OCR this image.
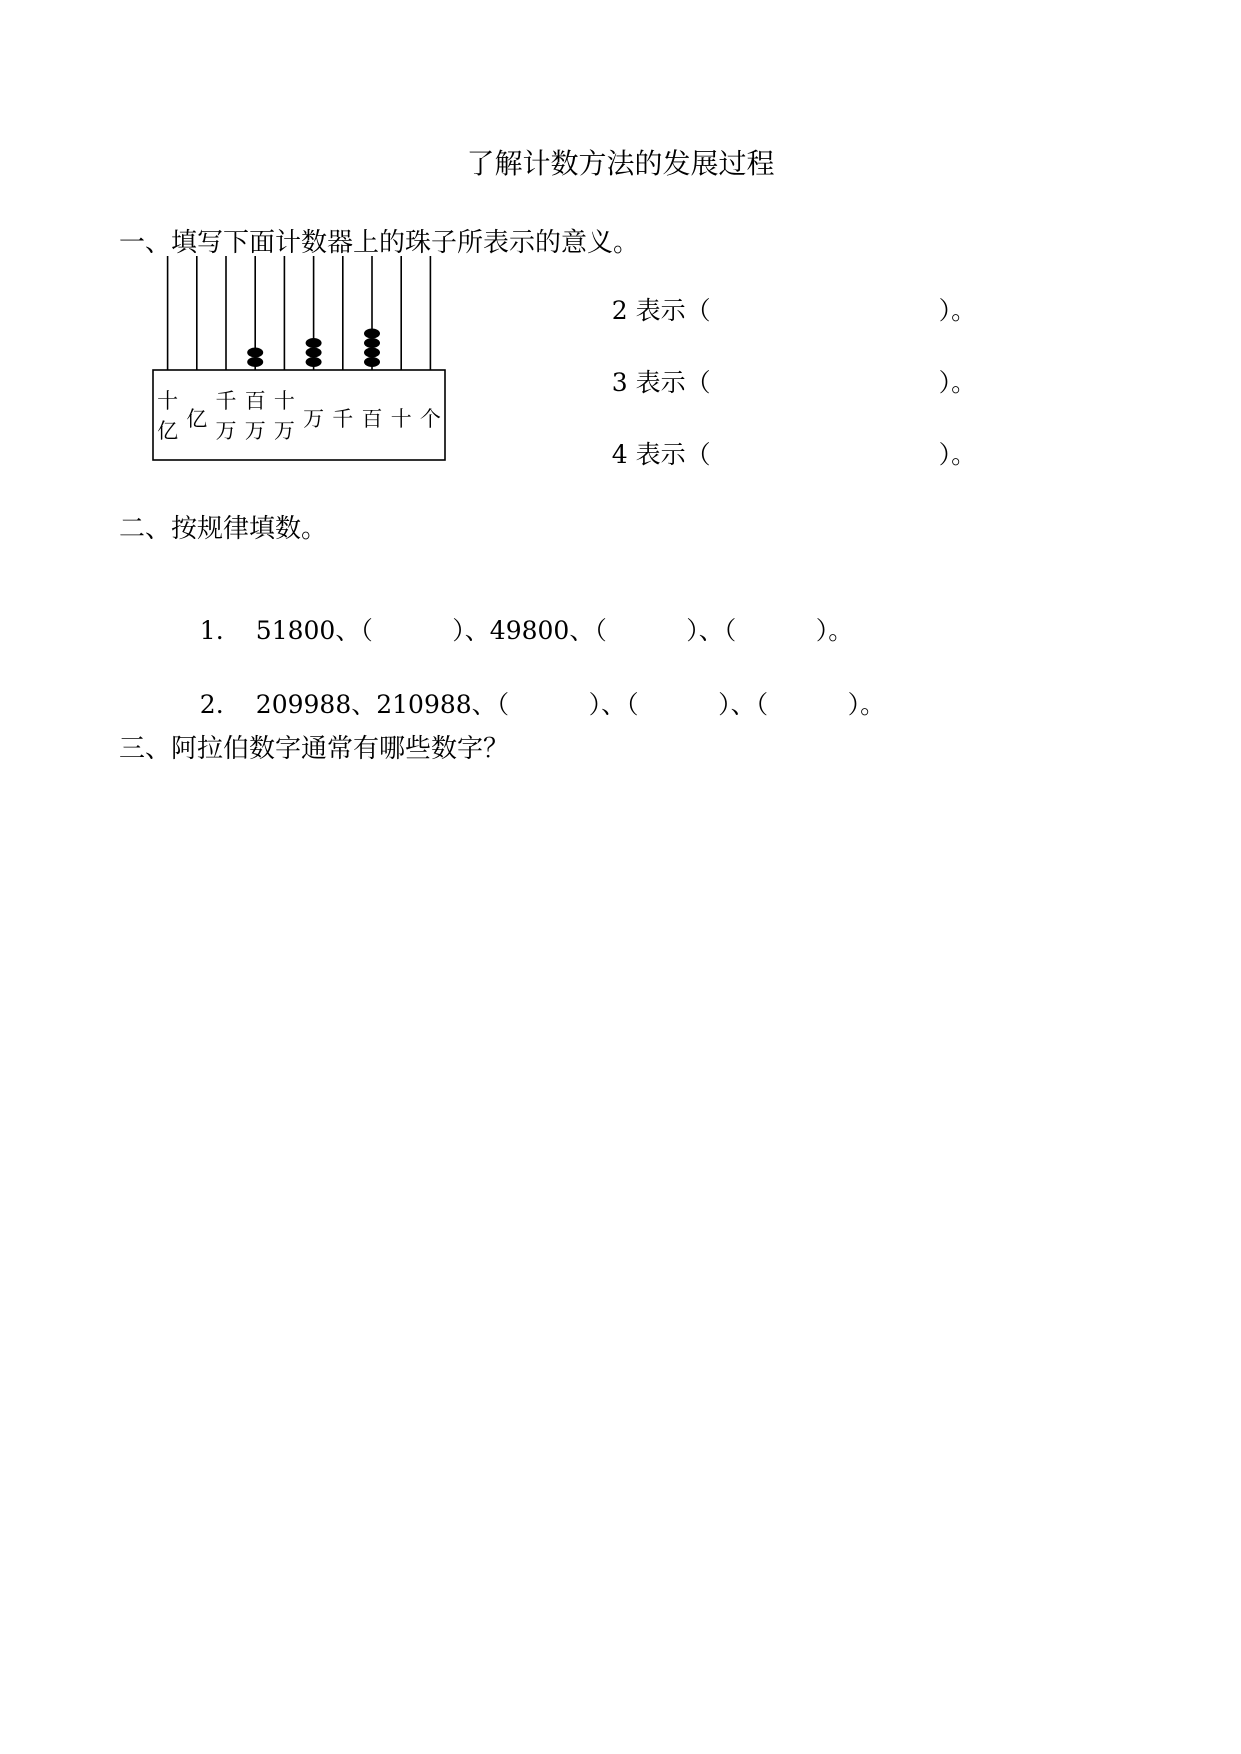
了解计数方法的发展过程
一、填写下面计数器上的珠子所表示的意义。
十
亿 亿
千
万
百
万
十
万 万 千 百 十 个

2 表示（	）。

3 表示（	）。

4 表示（	）。

二、按规律填数。

1. 51800、（          ）、49800、（          ）、（          ）。

2. 209988、210988、（          ）、（          ）、（          ）。

三、阿拉伯数字通常有哪些数字？
